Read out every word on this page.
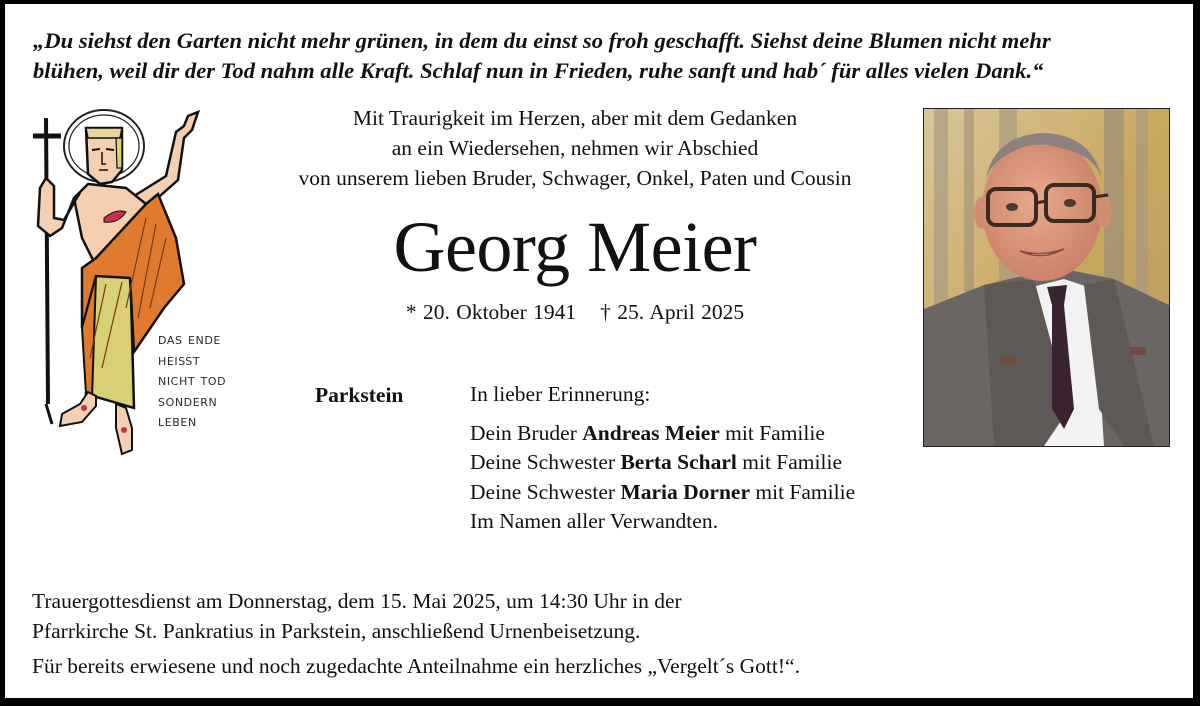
„Du siehst den Garten nicht mehr grünen, in dem du einst so froh geschafft. Siehst deine Blumen nicht mehr
blühen, weil dir der Tod nahm alle Kraft. Schlaf nun in Frieden, ruhe sanft und hab´ für alles vielen Dank.“
das ende
heißt
nicht tod
sondern
leben
Mit Traurigkeit im Herzen, aber mit dem Gedanken
an ein Wiedersehen, nehmen wir Abschied
von unserem lieben Bruder, Schwager, Onkel, Paten und Cousin
Georg Meier
* 20. Oktober 1941 † 25. April 2025
Parkstein	In lieber Erinnerung:
Dein Bruder Andreas Meier mit Familie
Deine Schwester Berta Scharl mit Familie
Deine Schwester Maria Dorner mit Familie
Im Namen aller Verwandten.
Trauergottesdienst am Donnerstag, dem 15. Mai 2025, um 14:30 Uhr in der
Pfarrkirche St. Pankratius in Parkstein, anschließend Urnenbeisetzung.
Für bereits erwiesene und noch zugedachte Anteilnahme ein herzliches „Vergelt´s Gott!“.
